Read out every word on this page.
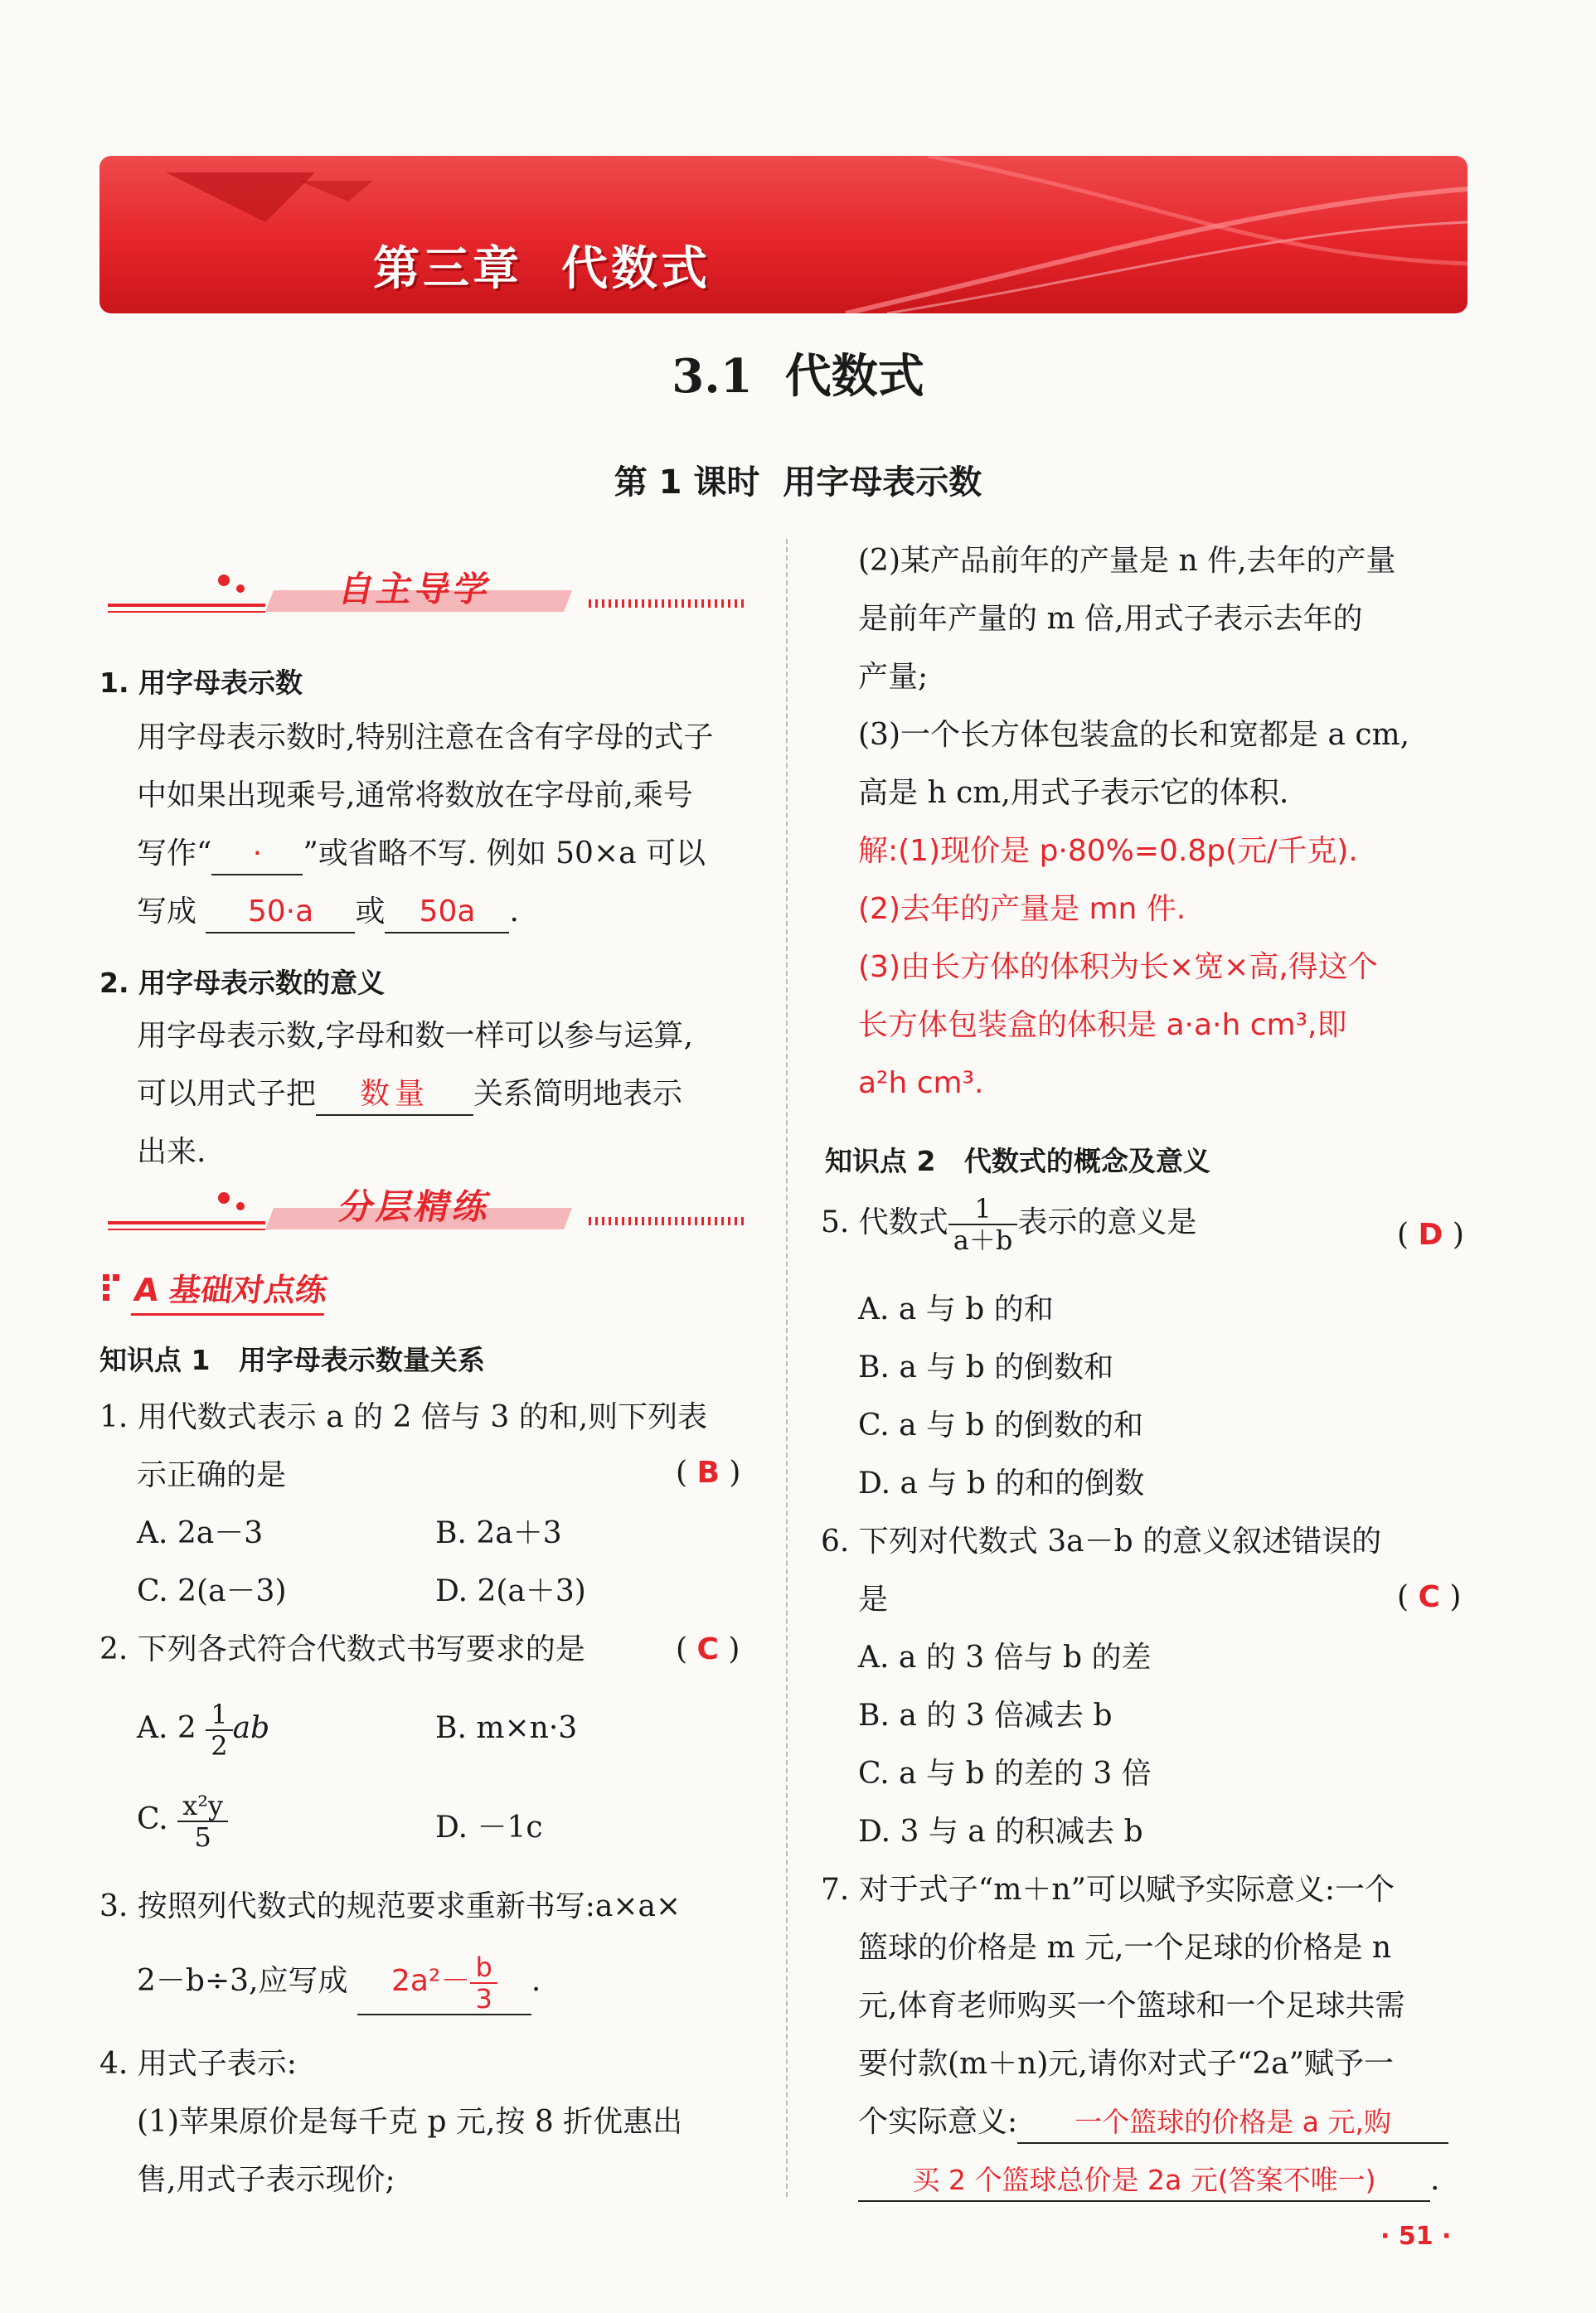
第三章  代数式
3.1  代数式
第 1 课时  用字母表示数
自主导学
1. 用字母表示数
用字母表示数时,特别注意在含有字母的式子
中如果出现乘号,通常将数放在字母前,乘号
写作“ · ”或省略不写. 例如 50×a 可以
写成 50·a 或 50a .
2. 用字母表示数的意义
用字母表示数,字母和数一样可以参与运算,
可以用式子把 数量 关系简明地表示
出来.
分层精练
A 基础对点练
知识点 1   用字母表示数量关系
1. 用代数式表示 a 的 2 倍与 3 的和,则下列表
示正确的是	( B )
A. 2a－3	B. 2a＋3
C. 2(a－3)	D. 2(a＋3)
2. 下列各式符合代数式书写要求的是	( C )
A. $2 \frac{1}{2}$ ab	B. m×n·3
C. $\frac{\text{x²y}}{5}$	D. －1c
3. 按照列代数式的规范要求重新书写:a×a×
2－b÷3,应写成 $2a^2- \frac{b}{3}$ .
4. 用式子表示:
(1)苹果原价是每千克 p 元,按 8 折优惠出
售,用式子表示现价;
(2)某产品前年的产量是 n 件,去年的产量
是前年产量的 m 倍,用式子表示去年的
产量;
(3)一个长方体包装盒的长和宽都是 a cm,
高是 h cm,用式子表示它的体积.
解:(1)现价是 p·80%=0.8p(元/千克).
(2)去年的产量是 mn 件.
(3)由长方体的体积为长×宽×高,得这个
长方体包装盒的体积是 a·a·h cm³,即
a²h cm³.
知识点 2   代数式的概念及意义
5. 代数式 $\frac{1}{a+b}$ 表示的意义是	( D )
A. a 与 b 的和
B. a 与 b 的倒数和
C. a 与 b 的倒数的和
D. a 与 b 的和的倒数
6. 下列对代数式 3a－b 的意义叙述错误的
是	( C )
A. a 的 3 倍与 b 的差
B. a 的 3 倍减去 b
C. a 与 b 的差的 3 倍
D. 3 与 a 的积减去 b
7. 对于式子“m＋n”可以赋予实际意义:一个
篮球的价格是 m 元,一个足球的价格是 n
元,体育老师购买一个篮球和一个足球共需
要付款(m＋n)元,请你对式子“2a”赋予一
个实际意义: 一个篮球的价格是 a 元,购
买 2 个篮球总价是 2a 元(答案不唯一) .
· 51 ·
